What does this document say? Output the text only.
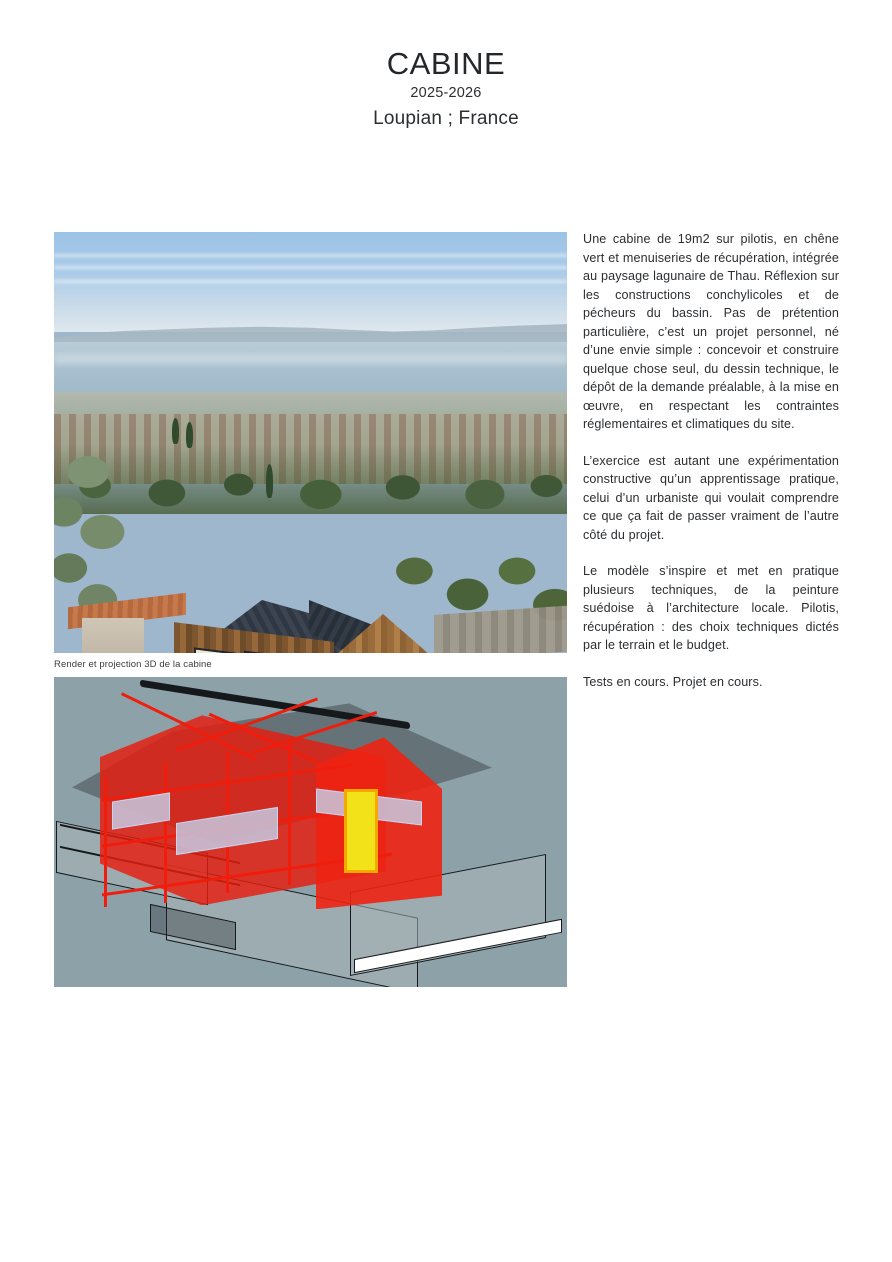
CABINE
2025-2026
Loupian ; France
Render et projection 3D de la cabine

Une cabine de 19m2 sur pilotis, en chêne vert et menuiseries de récupération, intégrée au paysage lagunaire de Thau. Réflexion sur les constructions conchylicoles et de pécheurs du bassin. Pas de prétention particulière, c’est un projet personnel, né d’une envie simple : concevoir et construire quelque chose seul, du dessin technique, le dépôt de la demande préalable, à la mise en œuvre, en respectant les contraintes réglementaires et climatiques du site.

L’exercice est autant une expérimentation constructive qu’un apprentissage pratique, celui d’un urbaniste qui voulait comprendre ce que ça fait de passer vraiment de l’autre côté du projet.

Le modèle s’inspire et met en pratique plusieurs techniques, de la peinture suédoise à l’architecture locale. Pilotis, récupération : des choix techniques dictés par le terrain et le budget.

Tests en cours. Projet en cours.
